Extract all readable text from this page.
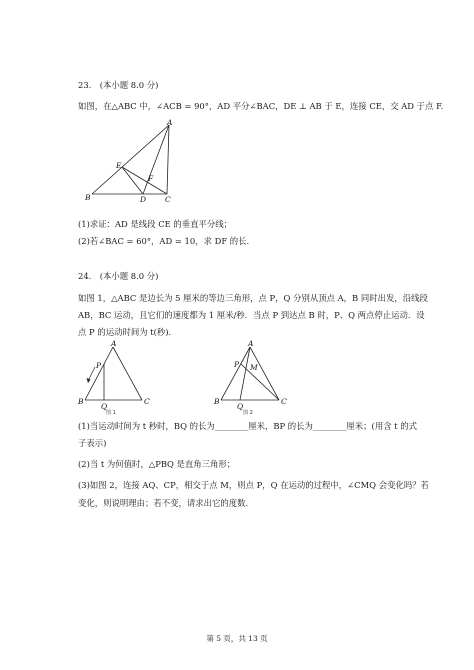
23.　(本小题 8.0 分)
如图，在△ABC 中，∠ACB = 90°，AD 平分∠BAC，DE ⊥ AB 于 E，连接 CE，交 AD 于点 F.
A
B	C
D
E
F
(1)求证：AD 是线段 CE 的垂直平分线；
(2)若∠BAC = 60°，AD = 10，求 DF 的长.
24.　(本小题 8.0 分)
如图 1，△ABC 是边长为 5 厘米的等边三角形，点 P，Q 分别从顶点 A，B 同时出发，沿线段
AB，BC 运动，且它们的速度都为 1 厘米/秒．当点 P 到达点 B 时，P、Q 两点停止运动．设
点 P 的运动时间为 t(秒)．
A
B	C
P
Q
图 1
A
B	C
P
Q
M
图 2
(1)当运动时间为 t 秒时，BQ 的长为________厘米，BP 的长为________厘米；(用含 t 的式
子表示)
(2)当 t 为何值时，△PBQ 是直角三角形；
(3)如图 2，连接 AQ、CP，相交于点 M，则点 P，Q 在运动的过程中，∠CMQ 会变化吗？若
变化，则说明理由；若不变，请求出它的度数.
第 5 页，共 13 页
